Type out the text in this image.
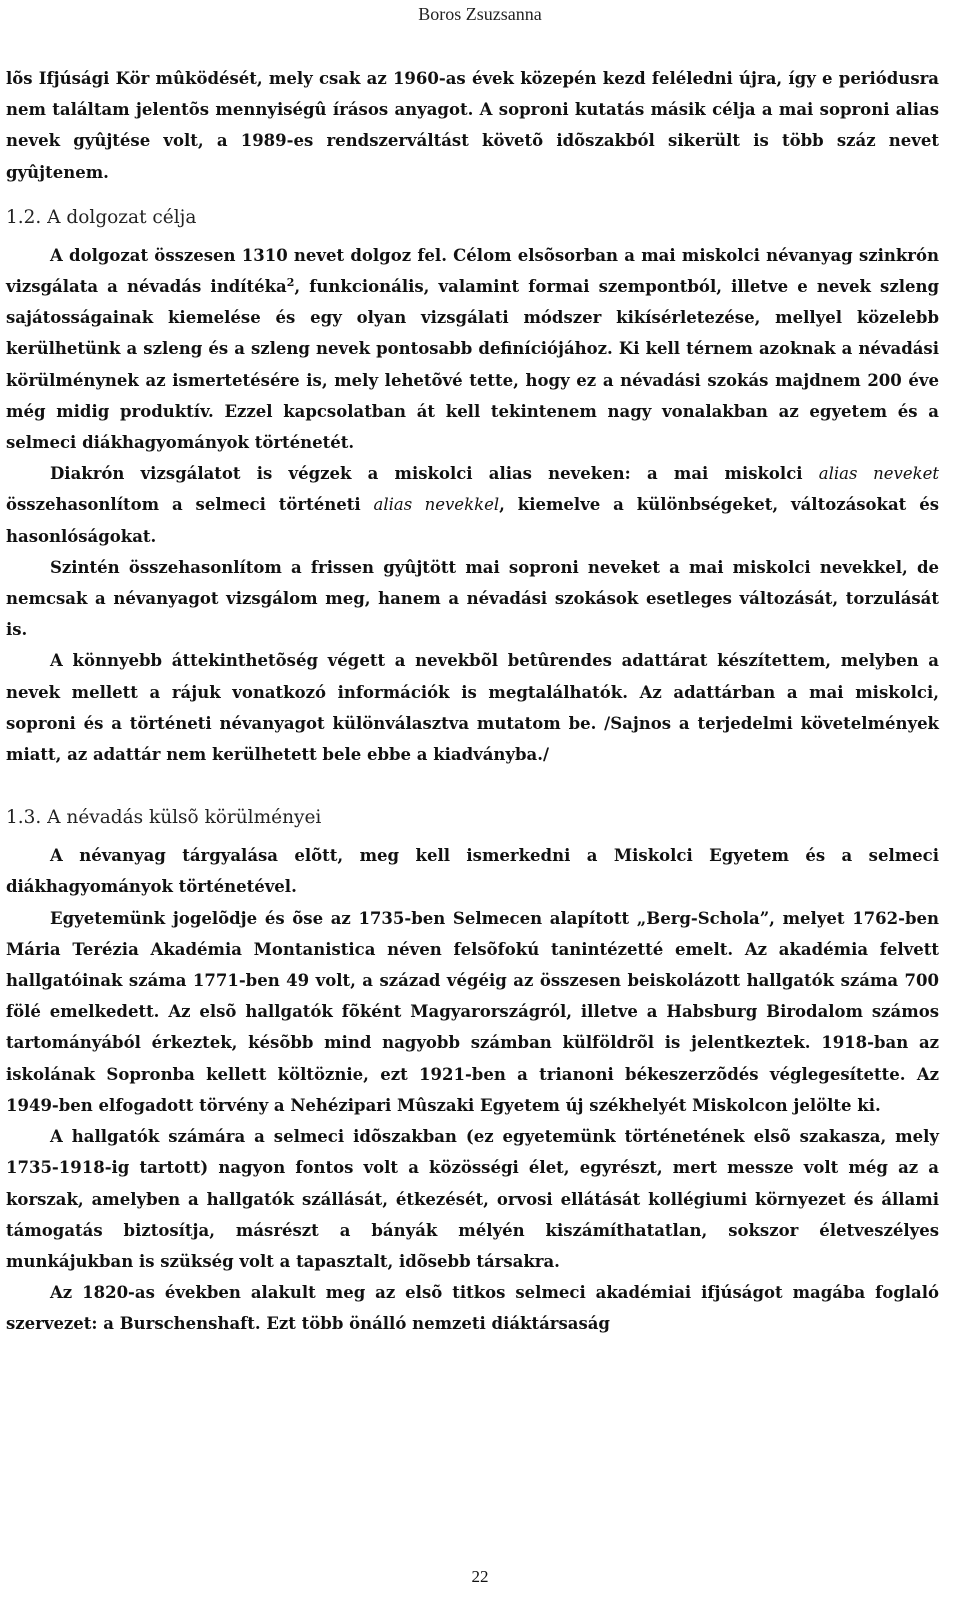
Boros Zsuzsanna

lõs Ifjúsági Kör mûködését, mely csak az 1960-as évek közepén kezd feléledni újra, így e periódusra nem találtam jelentõs mennyiségû írásos anyagot. A soproni kutatás másik célja a mai soproni alias nevek gyûjtése volt, a 1989-es rendszerváltást követõ idõszakból sikerült is több száz nevet gyûjtenem.

1.2. A dolgozat célja

A dolgozat összesen 1310 nevet dolgoz fel. Célom elsõsorban a mai miskolci névanyag szinkrón vizsgálata a névadás indítéka$^2$, funkcionális, valamint formai szempontból, illetve e nevek szleng sajátosságainak kiemelése és egy olyan vizsgálati módszer kikísérletezése, mellyel közelebb kerülhetünk a szleng és a szleng nevek pontosabb definíciójához. Ki kell térnem azoknak a névadási körülménynek az ismertetésére is, mely lehetõvé tette, hogy ez a névadási szokás majdnem 200 éve még midig produktív. Ezzel kapcsolatban át kell tekintenem nagy vonalakban az egyetem és a selmeci diákhagyományok történetét.

Diakrón vizsgálatot is végzek a miskolci alias neveken: a mai miskolci alias neveket összehasonlítom a selmeci történeti alias nevekkel, kiemelve a különbségeket, változásokat és hasonlóságokat.

Szintén összehasonlítom a frissen gyûjtött mai soproni neveket a mai miskolci nevekkel, de nemcsak a névanyagot vizsgálom meg, hanem a névadási szokások esetleges változását, torzulását is.

A könnyebb áttekinthetõség végett a nevekbõl betûrendes adattárat készítettem, melyben a nevek mellett a rájuk vonatkozó információk is megtalálhatók. Az adattárban a mai miskolci, soproni és a történeti névanyagot különválasztva mutatom be. /Sajnos a terjedelmi követelmények miatt, az adattár nem kerülhetett bele ebbe a kiadványba./

1.3. A névadás külsõ körülményei

A névanyag tárgyalása elõtt, meg kell ismerkedni a Miskolci Egyetem és a selmeci diákhagyományok történetével.

Egyetemünk jogelõdje és õse az 1735-ben Selmecen alapított „Berg-Schola”, melyet 1762-ben Mária Terézia Akadémia Montanistica néven felsõfokú tanintézetté emelt. Az akadémia felvett hallgatóinak száma 1771-ben 49 volt, a század végéig az összesen beiskolázott hallgatók száma 700 fölé emelkedett. Az elsõ hallgatók fõként Magyarországról, illetve a Habsburg Birodalom számos tartományából érkeztek, késõbb mind nagyobb számban külföldrõl is jelentkeztek. 1918-ban az iskolának Sopronba kellett költöznie, ezt 1921-ben a trianoni békeszerzõdés véglegesítette. Az 1949-ben elfogadott törvény a Nehézipari Mûszaki Egyetem új székhelyét Miskolcon jelölte ki.

A hallgatók számára a selmeci idõszakban (ez egyetemünk történetének elsõ szakasza, mely 1735-1918-ig tartott) nagyon fontos volt a közösségi élet, egyrészt, mert messze volt még az a korszak, amelyben a hallgatók szállását, étkezését, orvosi ellátását kollégiumi környezet és állami támogatás biztosítja, másrészt a bányák mélyén kiszámíthatatlan, sokszor életveszélyes munkájukban is szükség volt a tapasztalt, idõsebb társakra.

Az 1820-as években alakult meg az elsõ titkos selmeci akadémiai ifjúságot magába foglaló szervezet: a Burschenshaft. Ezt több önálló nemzeti diáktársaság

22
